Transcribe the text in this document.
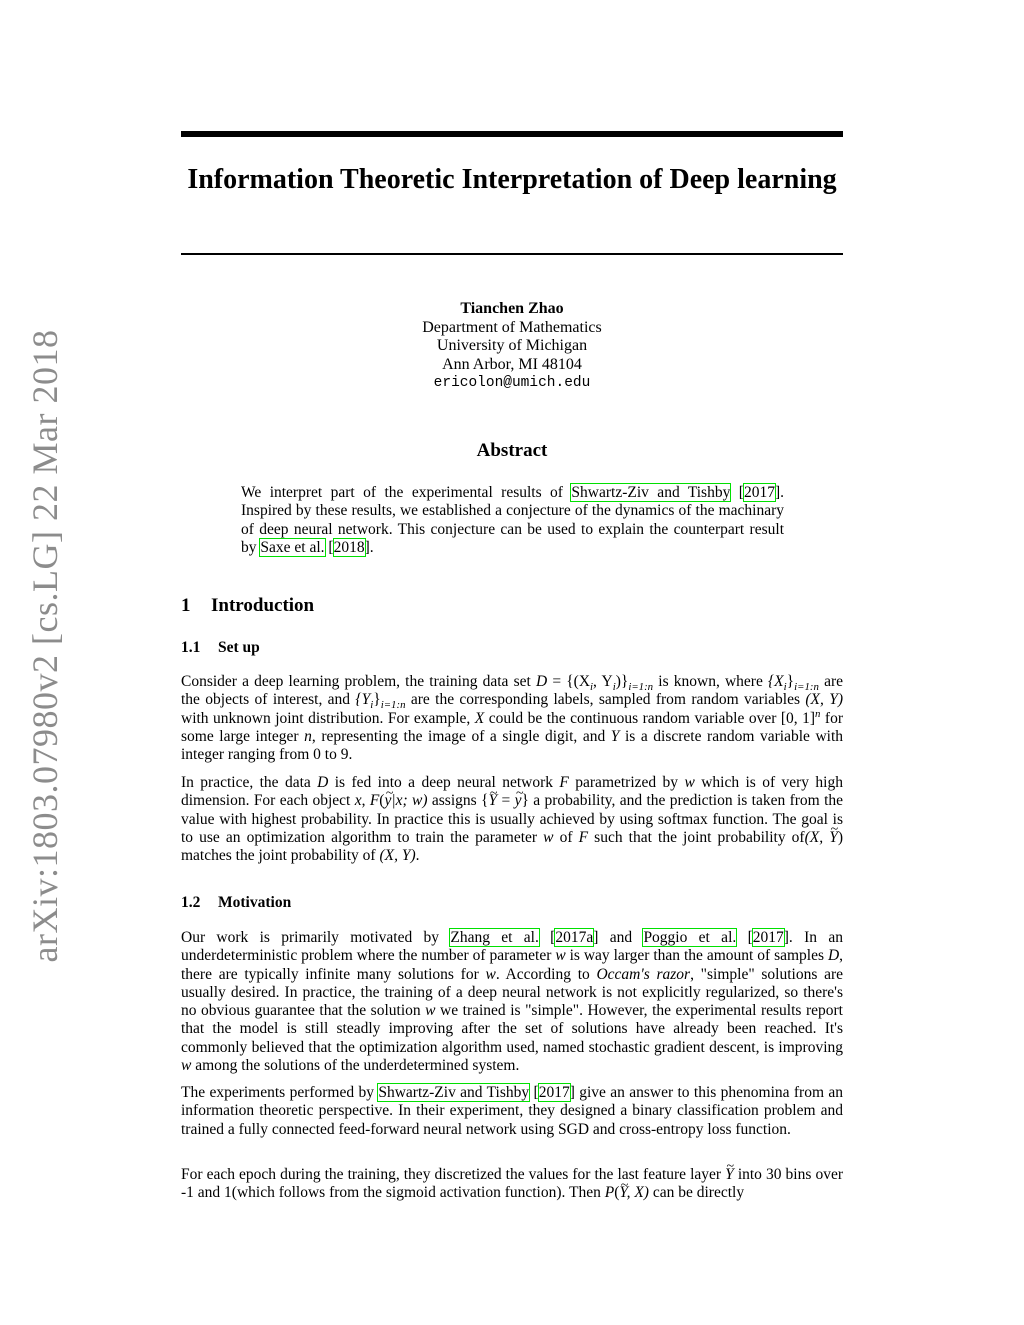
arXiv:1803.07980v2 [cs.LG] 22 Mar 2018
Information Theoretic Interpretation of Deep learning
Tianchen Zhao
Department of Mathematics
University of Michigan
Ann Arbor, MI 48104
ericolon@umich.edu
Abstract
We interpret part of the experimental results of Shwartz-Ziv and Tishby [2017]. Inspired by these results, we established a conjecture of the dynamics of the machinary of deep neural network. This conjecture can be used to explain the counterpart result by Saxe et al. [2018].
1 Introduction
1.1 Set up
Consider a deep learning problem, the training data set $D = \{(X_i$, $Y_i)\}_{i=1:n}$ is known, where $\{X_i\}_{i=1:n}$ are the objects of interest, and $\{Y_i\}_{i=1:n}$ are the corresponding labels, sampled from random variables (X, Y) with unknown joint distribution. For example, X could be the continuous random variable over [0, 1]$^n$ for some large integer n, representing the image of a single digit, and Y is a discrete random variable with integer ranging from 0 to 9.
In practice, the data D is fed into a deep neural network F parametrized by w which is of very high dimension. For each object x, F(~ y|x; w) assigns {~ Y = ~ y} a probability, and the prediction is taken from the value with highest probability. In practice this is usually achieved by using softmax function. The goal is to use an optimization algorithm to train the parameter w of F such that the joint probability of(X, ~ Y) matches the joint probability of (X, Y).
1.2 Motivation
Our work is primarily motivated by Zhang et al. [2017a] and Poggio et al. [2017]. In an underdeterministic problem where the number of parameter w is way larger than the amount of samples D, there are typically infinite many solutions for w. According to Occam's razor, "simple" solutions are usually desired. In practice, the training of a deep neural network is not explicitly regularized, so there's no obvious guarantee that the solution w we trained is "simple". However, the experimental results report that the model is still steadly improving after the set of solutions have already been reached. It's commonly believed that the optimization algorithm used, named stochastic gradient descent, is improving w among the solutions of the underdetermined system.
The experiments performed by Shwartz-Ziv and Tishby [2017] give an answer to this phenomina from an information theoretic perspective. In their experiment, they designed a binary classification problem and trained a fully connected feed-forward neural network using SGD and cross-entropy loss function.
For each epoch during the training, they discretized the values for the last feature layer ~ Y into 30 bins over -1 and 1(which follows from the sigmoid activation function). Then P(~ Y, X) can be directly
